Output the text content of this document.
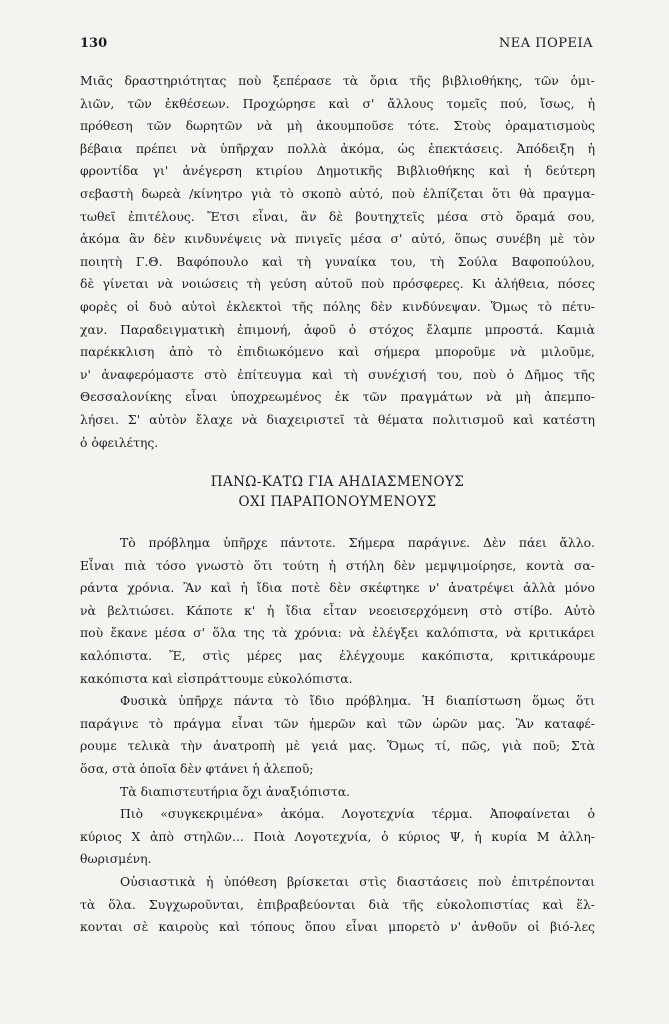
130	ΝΕΑ ΠΟΡΕΙΑ
Μιᾶς δραστηριότητας ποὺ ξεπέρασε τὰ ὅρια τῆς βιβλιοθήκης, τῶν ὁμι-
λιῶν, τῶν ἐκθέσεων. Προχώρησε καὶ σ' ἄλλους τομεῖς πού, ἴσως, ἡ
πρόθεση τῶν δωρητῶν νὰ μὴ ἀκουμποῦσε τότε. Στοὺς ὁραματισμοὺς
βέβαια πρέπει νὰ ὑπῆρχαν πολλὰ ἀκόμα, ὡς ἐπεκτάσεις. Ἀπόδειξη ἡ
φροντίδα γι' ἀνέγερση κτιρίου Δημοτικῆς Βιβλιοθήκης καὶ ἡ δεύτερη
σεβαστὴ δωρεὰ /κίνητρο γιὰ τὸ σκοπὸ αὐτό, ποὺ ἐλπίζεται ὅτι θὰ πραγμα-
τωθεῖ ἐπιτέλους. Ἔτσι εἶναι, ἂν δὲ βουτηχτεῖς μέσα στὸ ὅραμά σου,
ἀκόμα ἂν δὲν κινδυνέψεις νὰ πνιγεῖς μέσα σ' αὐτό, ὅπως συνέβη μὲ τὸν
ποιητὴ Γ.Θ. Βαφόπουλο καὶ τὴ γυναίκα του, τὴ Σούλα Βαφοπούλου,
δὲ γίνεται νὰ νοιώσεις τὴ γεύση αὐτοῦ ποὺ πρόσφερες. Κι ἀλήθεια, πόσες
φορὲς οἱ δυὸ αὐτοὶ ἐκλεκτοὶ τῆς πόλης δὲν κινδύνεψαν. Ὅμως τὸ πέτυ-
χαν. Παραδειγματικὴ ἐπιμονή, ἀφοῦ ὁ στόχος ἔλαμπε μπροστά. Καμιὰ
παρέκκλιση ἀπὸ τὸ ἐπιδιωκόμενο καὶ σήμερα μποροῦμε νὰ μιλοῦμε,
ν' ἀναφερόμαστε στὸ ἐπίτευγμα καὶ τὴ συνέχισή του, ποὺ ὁ Δῆμος τῆς
Θεσσαλονίκης εἶναι ὑποχρεωμένος ἐκ τῶν πραγμάτων νὰ μὴ ἀπεμπο-
λήσει. Σ' αὐτὸν ἔλαχε νὰ διαχειριστεῖ τὰ θέματα πολιτισμοῦ καὶ κατέστη
ὁ ὀφειλέτης.
ΠΑΝΩ-ΚΑΤΩ ΓΙΑ ΑΗΔΙΑΣΜΕΝΟΥΣ
ΟΧΙ ΠΑΡΑΠΟΝΟΥΜΕΝΟΥΣ
Τὸ πρόβλημα ὑπῆρχε πάντοτε. Σήμερα παράγινε. Δὲν πάει ἄλλο.
Εἶναι πιὰ τόσο γνωστὸ ὅτι τούτη ἡ στήλη δὲν μεμψιμοίρησε, κοντὰ σα-
ράντα χρόνια. Ἂν καὶ ἡ ἴδια ποτὲ δὲν σκέφτηκε ν' ἀνατρέψει ἀλλὰ μόνο
νὰ βελτιώσει. Κάποτε κ' ἡ ἴδια εἶταν νεοεισερχόμενη στὸ στίβο. Αὐτὸ
ποὺ ἔκανε μέσα σ' ὅλα της τὰ χρόνια: νὰ ἐλέγξει καλόπιστα, νὰ κριτικάρει
καλόπιστα. Ἔ, στὶς μέρες μας ἐλέγχουμε κακόπιστα, κριτικάρουμε
κακόπιστα καὶ εἰσπράττουμε εὐκολόπιστα.
Φυσικὰ ὑπῆρχε πάντα τὸ ἴδιο πρόβλημα. Ἡ διαπίστωση ὅμως ὅτι
παράγινε τὸ πράγμα εἶναι τῶν ἡμερῶν καὶ τῶν ὡρῶν μας. Ἂν καταφέ-
ρουμε τελικὰ τὴν ἀνατροπὴ μὲ γειά μας. Ὅμως τί, πῶς, γιὰ ποῦ; Στὰ
ὅσα, στὰ ὁποῖα δὲν φτάνει ἡ ἀλεποῦ;
Τὰ διαπιστευτήρια ὄχι ἀναξιόπιστα.
Πιὸ «συγκεκριμένα» ἀκόμα. Λογοτεχνία τέρμα. Ἀποφαίνεται ὁ
κύριος Χ ἀπὸ στηλῶν... Ποιὰ Λογοτεχνία, ὁ κύριος Ψ, ἡ κυρία Μ ἀλλη-
θωρισμένη.
Οὐσιαστικὰ ἡ ὑπόθεση βρίσκεται στὶς διαστάσεις ποὺ ἐπιτρέπονται
τὰ ὅλα. Συγχωροῦνται, ἐπιβραβεύονται διὰ τῆς εὐκολοπιστίας καὶ ἕλ-
κονται σὲ καιροὺς καὶ τόπους ὅπου εἶναι μπορετὸ ν' ἀνθοῦν οἱ βιό-λες
